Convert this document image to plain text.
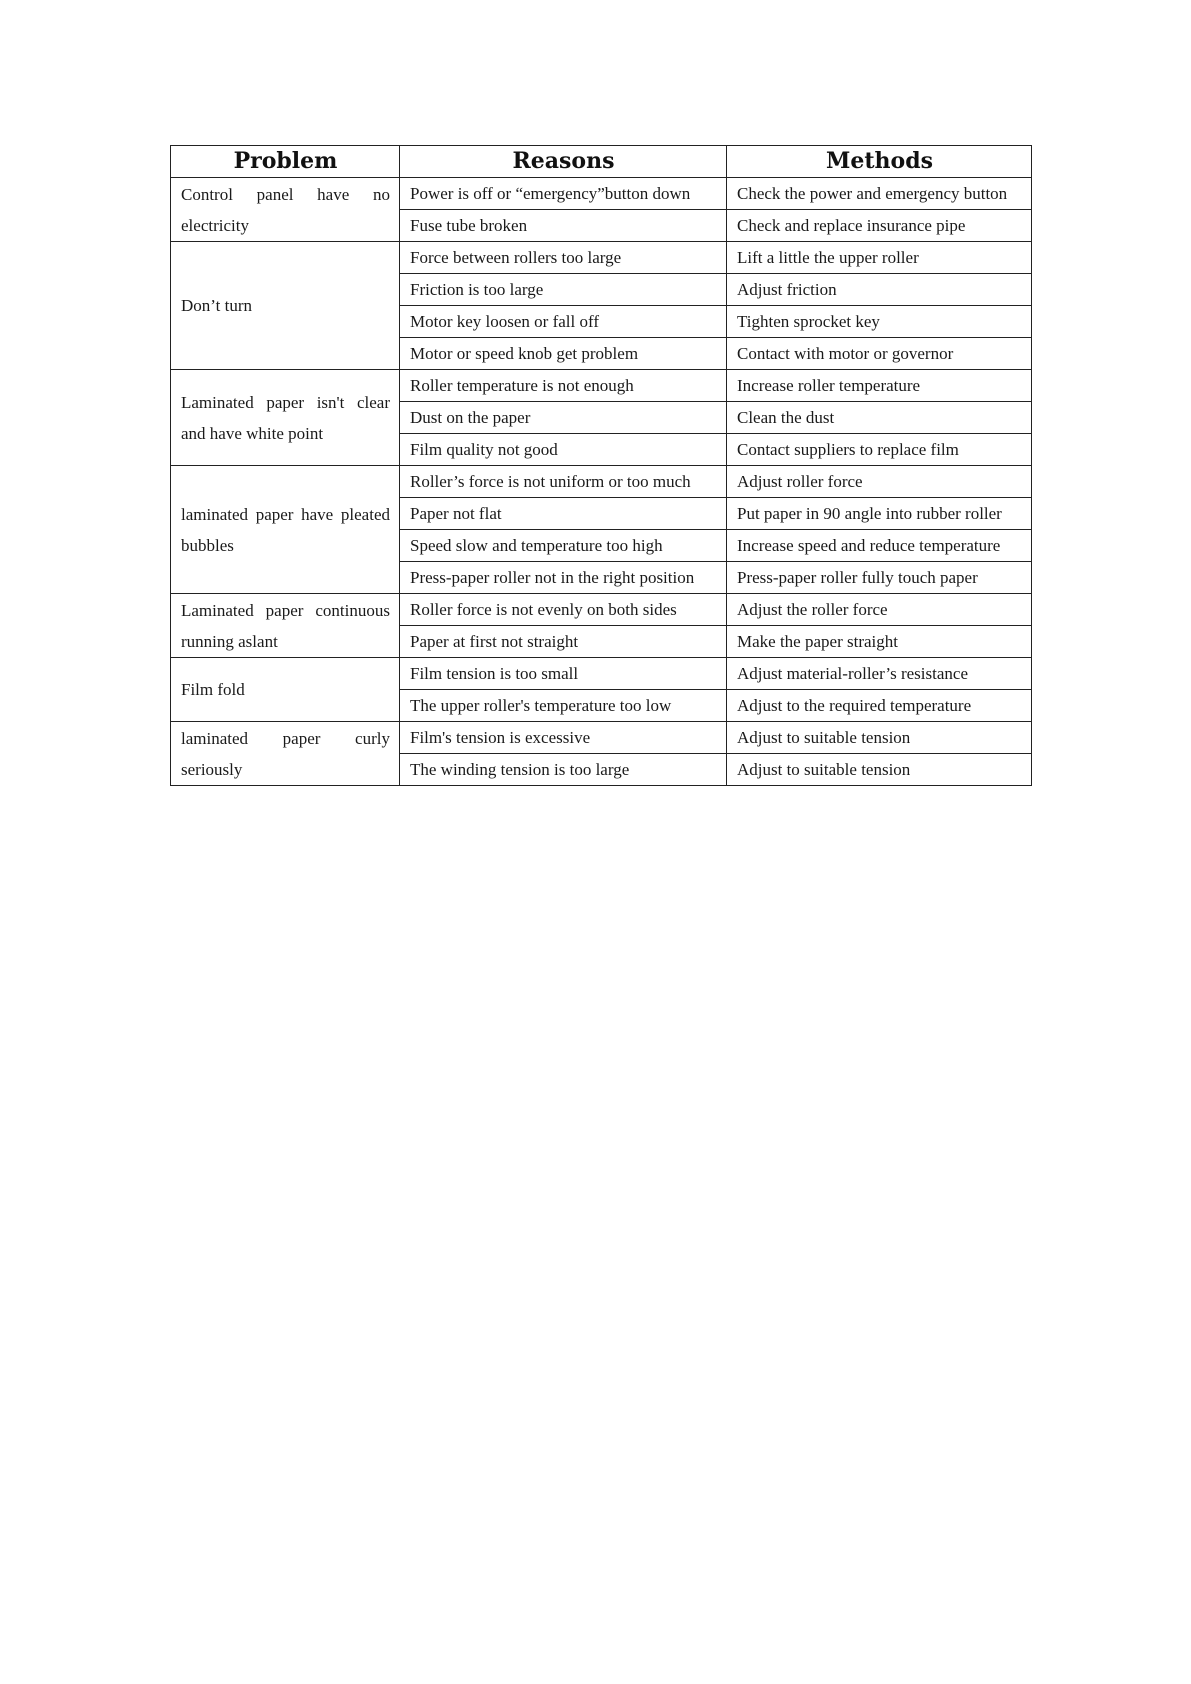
Problem	Reasons	Methods
Control panel have no electricity	Power is off or “emergency”button down	Check the power and emergency button
	Fuse tube broken	Check and replace insurance pipe
Don’t turn	Force between rollers too large	Lift a little the upper roller
	Friction is too large	Adjust friction
	Motor key loosen or fall off	Tighten sprocket key
	Motor or speed knob get problem	Contact with motor or governor
Laminated paper isn't clear and have white point	Roller temperature is not enough	Increase roller temperature
	Dust on the paper	Clean the dust
	Film quality not good	Contact suppliers to replace film
laminated paper have pleated bubbles	Roller’s force is not uniform or too much	Adjust roller force
	Paper not flat	Put paper in 90 angle into rubber roller
	Speed slow and temperature too high	Increase speed and reduce temperature
	Press-paper roller not in the right position	Press-paper roller fully touch paper
Laminated paper continuous running aslant	Roller force is not evenly on both sides	Adjust the roller force
	Paper at first not straight	Make the paper straight
Film fold	Film tension is too small	Adjust material-roller’s resistance
	The upper roller's temperature too low	Adjust to the required temperature
laminated paper curly seriously	Film's tension is excessive	Adjust to suitable tension
	The winding tension is too large	Adjust to suitable tension
